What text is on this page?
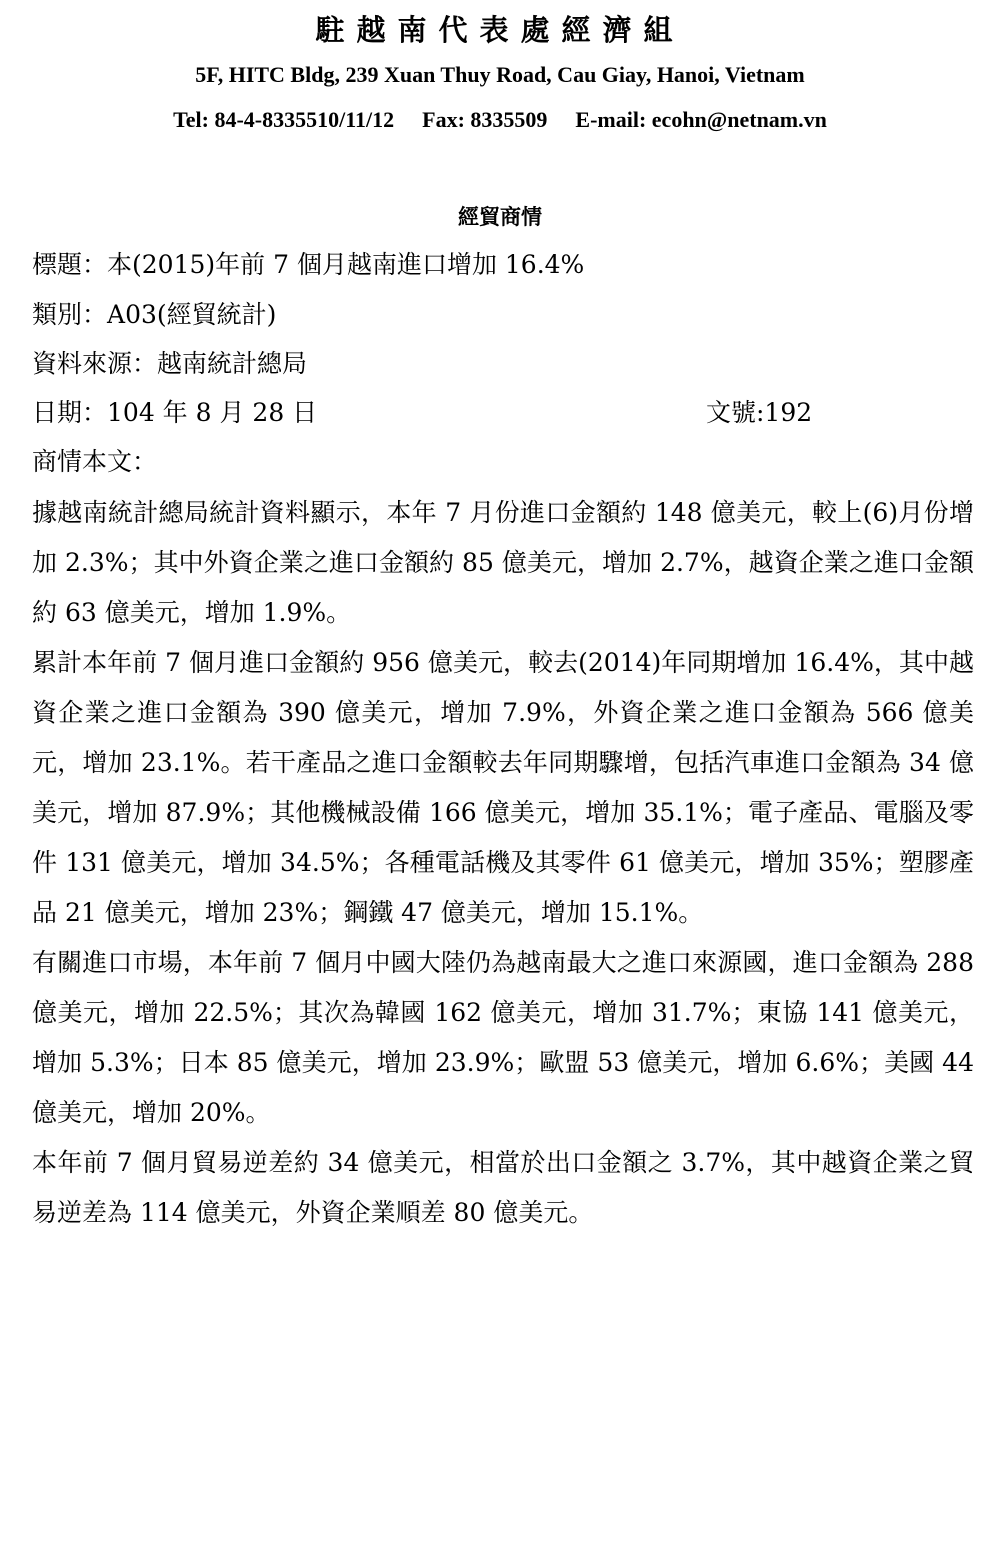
駐越南代表處經濟組
5F, HITC Bldg, 239 Xuan Thuy Road, Cau Giay, Hanoi, Vietnam
Tel: 84-4-8335510/11/12 Fax: 8335509 E-mail: ecohn@netnam.vn
經貿商情
標題：本(2015)年前 7 個月越南進口增加 16.4%
類別：A03(經貿統計)
資料來源：越南統計總局
日期：104 年 8 月 28 日	文號:192
商情本文：

據越南統計總局統計資料顯示，本年 7 月份進口金額約 148 億美元，較上(6)月份增加 2.3%；其中外資企業之進口金額約 85 億美元，增加 2.7%，越資企業之進口金額約 63 億美元，增加 1.9%。

累計本年前 7 個月進口金額約 956 億美元，較去(2014)年同期增加 16.4%，其中越資企業之進口金額為 390 億美元，增加 7.9%，外資企業之進口金額為 566 億美元，增加 23.1%。若干產品之進口金額較去年同期驟增，包括汽車進口金額為 34 億美元，增加 87.9%；其他機械設備 166 億美元，增加 35.1%；電子產品、電腦及零件 131 億美元，增加 34.5%；各種電話機及其零件 61 億美元，增加 35%；塑膠產品 21 億美元，增加 23%；鋼鐵 47 億美元，增加 15.1%。

有關進口市場，本年前 7 個月中國大陸仍為越南最大之進口來源國，進口金額為 288 億美元，增加 22.5%；其次為韓國 162 億美元，增加 31.7%；東協 141 億美元，增加 5.3%；日本 85 億美元，增加 23.9%；歐盟 53 億美元，增加 6.6%；美國 44 億美元，增加 20%。

本年前 7 個月貿易逆差約 34 億美元，相當於出口金額之 3.7%，其中越資企業之貿易逆差為 114 億美元，外資企業順差 80 億美元。
